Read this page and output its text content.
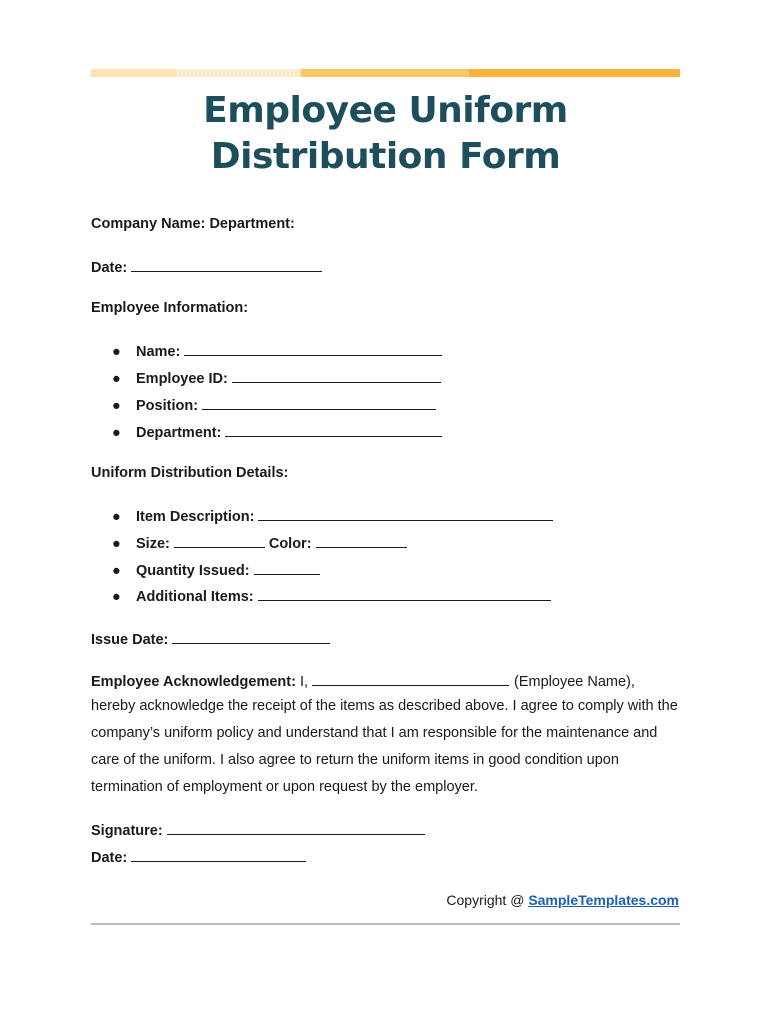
Employee Uniform Distribution Form
Company Name: Department:
Date:
Employee Information:
● Name:
● Employee ID:
● Position:
● Department:
Uniform Distribution Details:
● Item Description:
● Size:	Color:
● Quantity Issued:
● Additional Items:
Issue Date:
Employee Acknowledgement: I,	(Employee Name),
hereby acknowledge the receipt of the items as described above. I agree to comply with the company’s uniform policy and understand that I am responsible for the maintenance and care of the uniform. I also agree to return the uniform items in good condition upon termination of employment or upon request by the employer.
Signature:
Date:
Copyright @ SampleTemplates.com
